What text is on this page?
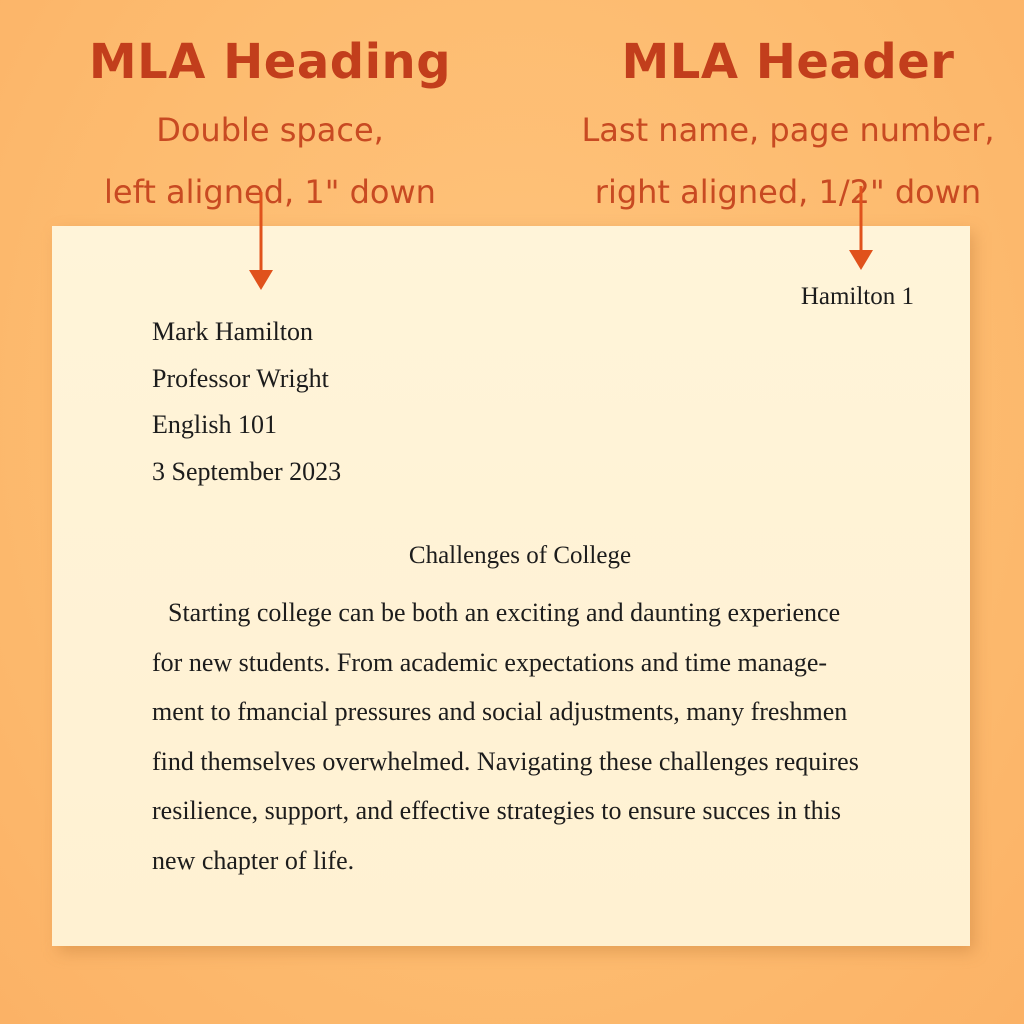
MLA Heading
Double space,
left aligned, 1" down
MLA Header
Last name, page number,
right aligned, 1/2" down
Hamilton 1
Mark Hamilton
Professor Wright
English 101
3 September 2023
Challenges of College
Starting college can be both an exciting and daunting experience
for new students. From academic expectations and time manage-
ment to fmancial pressures and social adjustments, many freshmen
find themselves overwhelmed. Navigating these challenges requires
resilience, support, and effective strategies to ensure succes in this
new chapter of life.
